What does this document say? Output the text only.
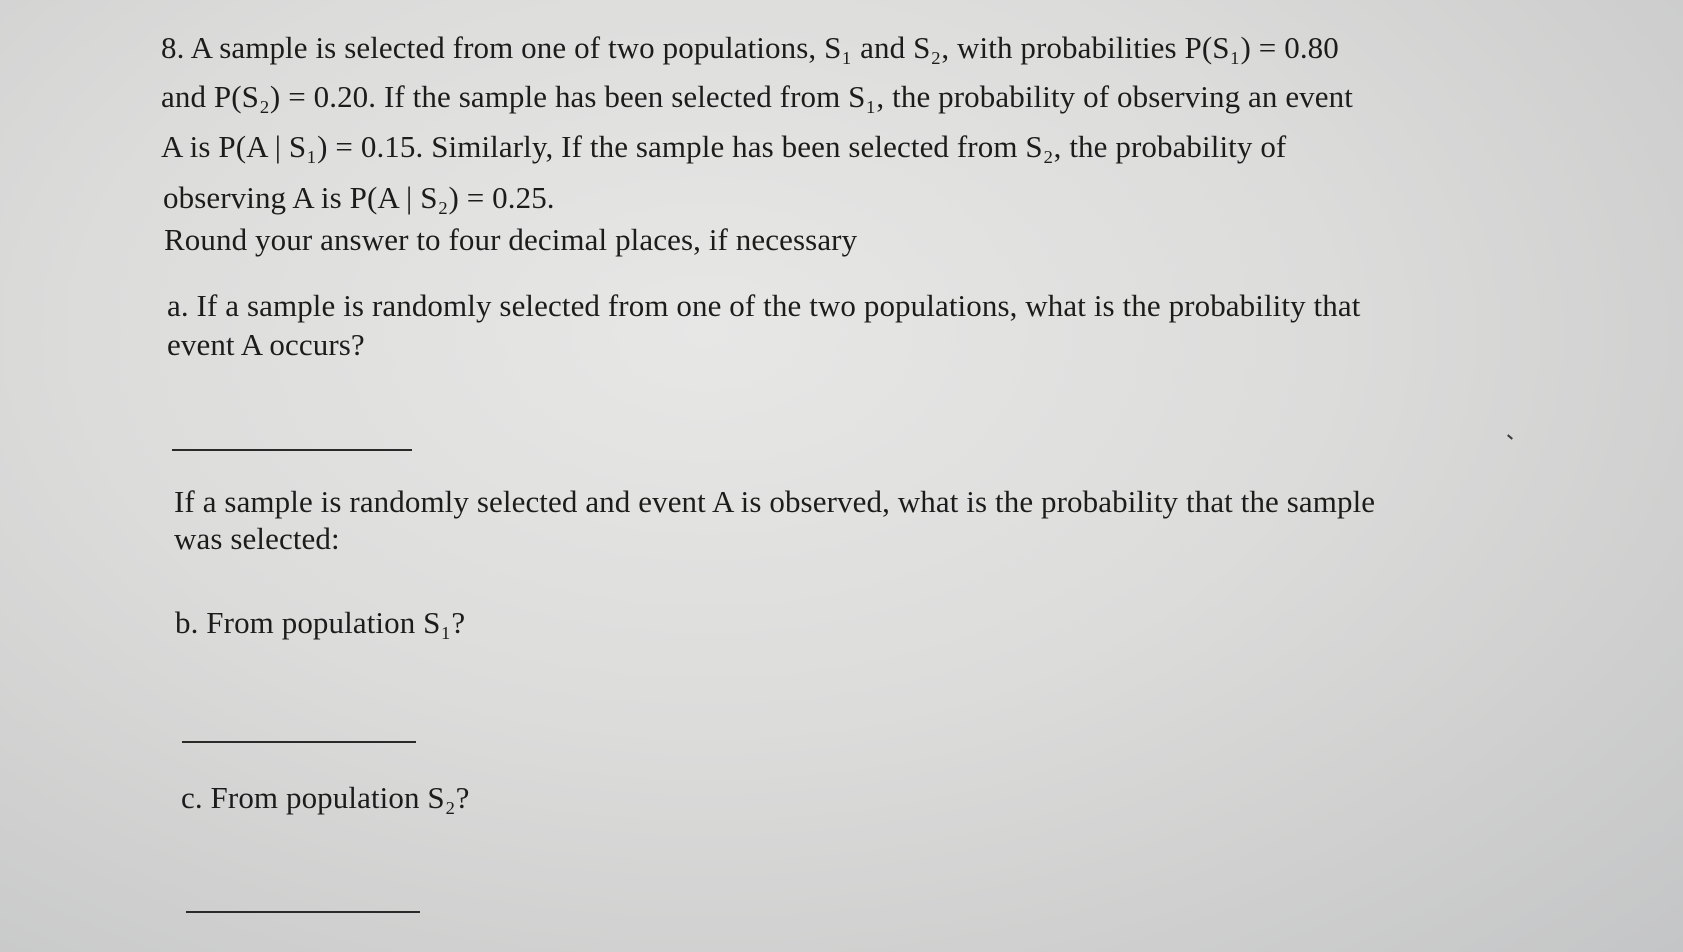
8. A sample is selected from one of two populations, S₁ and S₂, with probabilities P(S₁) = 0.80
and P(S₂) = 0.20. If the sample has been selected from S₁, the probability of observing an event
A is P(A | S₁) = 0.15. Similarly, If the sample has been selected from S₂, the probability of
observing A is P(A | S₂) = 0.25.
Round your answer to four decimal places, if necessary
a. If a sample is randomly selected from one of the two populations, what is the probability that
event A occurs?
If a sample is randomly selected and event A is observed, what is the probability that the sample
was selected:
b. From population S₁?
c. From population S₂?
